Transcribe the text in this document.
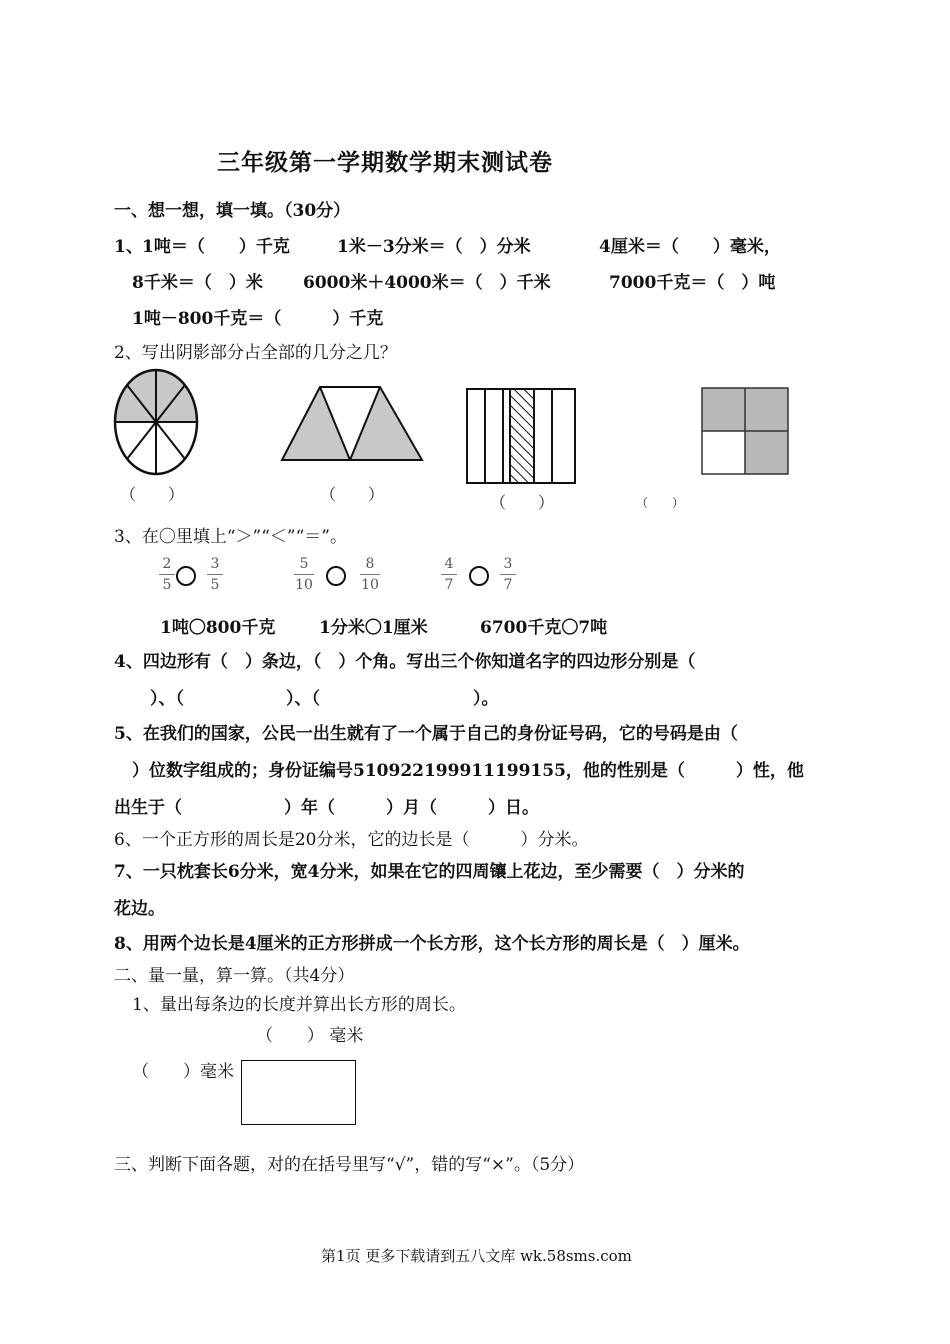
三年级第一学期数学期末测试卷
一、想一想，填一填。（30分）
1、 1吨＝（　　）千克	1米－3分米＝（　）分米	4厘米＝（　　）毫米，
8千米＝（　）米 6000米＋4000米＝（　）千米	7000千克＝（　）吨
1吨－800千克＝（　　　）千克
2、写出阴影部分占全部的几分之几？
（　　）	（　　）	（　　）	（　　）
3、在〇里填上“＞”“＜”“＝”。
2
5
3
5
5
10
8
10
4
7
3
7
1吨〇800千克	1分米〇1厘米	6700千克〇7吨
4、四边形有（　）条边，（　）个角。写出三个你知道名字的四边形分别是（
）、（　　　　　　）、（　　　　　　　　　）。
5、在我们的国家，公民一出生就有了一个属于自己的身份证号码，它的号码是由（
）位数字组成的；身份证编号510922199911199155，他的性别是（　　　）性，他
出生于（　　　　　　）年（　　　）月（　　　）日。
6、一个正方形的周长是20分米，它的边长是（　　　）分米。
7、一只枕套长6分米，宽4分米，如果在它的四周镶上花边，至少需要（　）分米的
花边。
8、用两个边长是4厘米的正方形拼成一个长方形，这个长方形的周长是（　）厘米。
二、量一量，算一算。（共4分）
1、量出每条边的长度并算出长方形的周长。
（　　） 毫米
（　　）毫米
三、判断下面各题，对的在括号里写“√”，错的写“×”。（5分）
第1页 更多下载请到五八文库 wk.58sms.com
